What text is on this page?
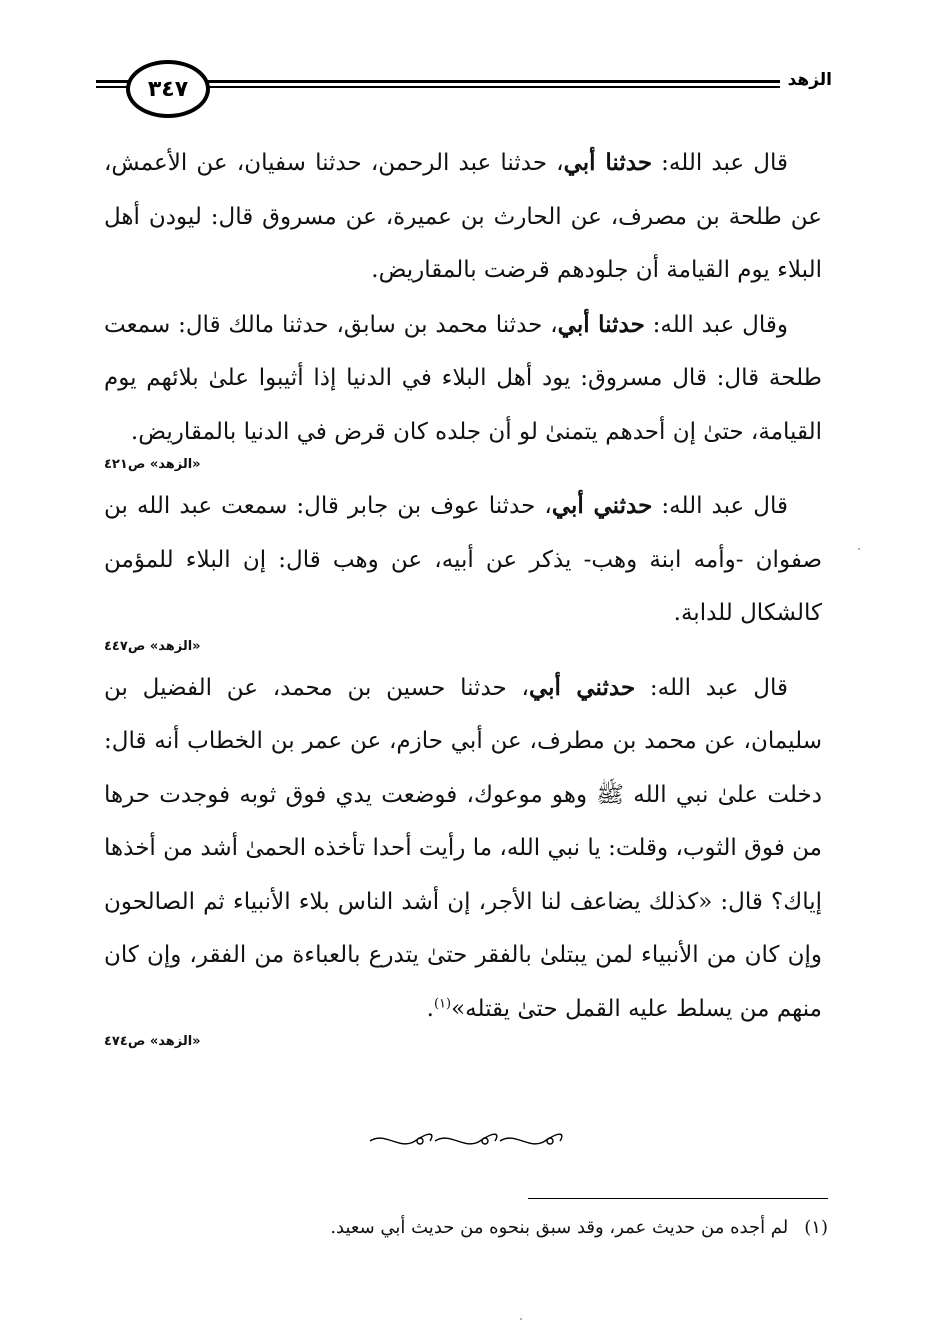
٣٤٧	الزهد

قال عبد الله: حدثنا أبي، حدثنا عبد الرحمن، حدثنا سفيان، عن الأعمش، عن طلحة بن مصرف، عن الحارث بن عميرة، عن مسروق قال: ليودن أهل البلاء يوم القيامة أن جلودهم قرضت بالمقاريض.

وقال عبد الله: حدثنا أبي، حدثنا محمد بن سابق، حدثنا مالك قال: سمعت طلحة قال: قال مسروق: يود أهل البلاء في الدنيا إذا أثيبوا علىٰ بلائهم يوم القيامة، حتىٰ إن أحدهم يتمنىٰ لو أن جلده كان قرض في الدنيا بالمقاريض.

«الزهد» ص٤٢١

قال عبد الله: حدثني أبي، حدثنا عوف بن جابر قال: سمعت عبد الله بن صفوان -وأمه ابنة وهب- يذكر عن أبيه، عن وهب قال: إن البلاء للمؤمن كالشكال للدابة.

«الزهد» ص٤٤٧

قال عبد الله: حدثني أبي، حدثنا حسين بن محمد، عن الفضيل بن سليمان، عن محمد بن مطرف، عن أبي حازم، عن عمر بن الخطاب أنه قال: دخلت علىٰ نبي الله ﷺ وهو موعوك، فوضعت يدي فوق ثوبه فوجدت حرها من فوق الثوب، وقلت: يا نبي الله، ما رأيت أحدا تأخذه الحمىٰ أشد من أخذها إياك؟ قال: «كذلك يضاعف لنا الأجر، إن أشد الناس بلاء الأنبياء ثم الصالحون وإن كان من الأنبياء لمن يبتلىٰ بالفقر حتىٰ يتدرع بالعباءة من الفقر، وإن كان منهم من يسلط عليه القمل حتىٰ يقتله»$^{(١)}$.

«الزهد» ص٤٧٤
(١)لم أجده من حديث عمر، وقد سبق بنحوه من حديث أبي سعيد.
